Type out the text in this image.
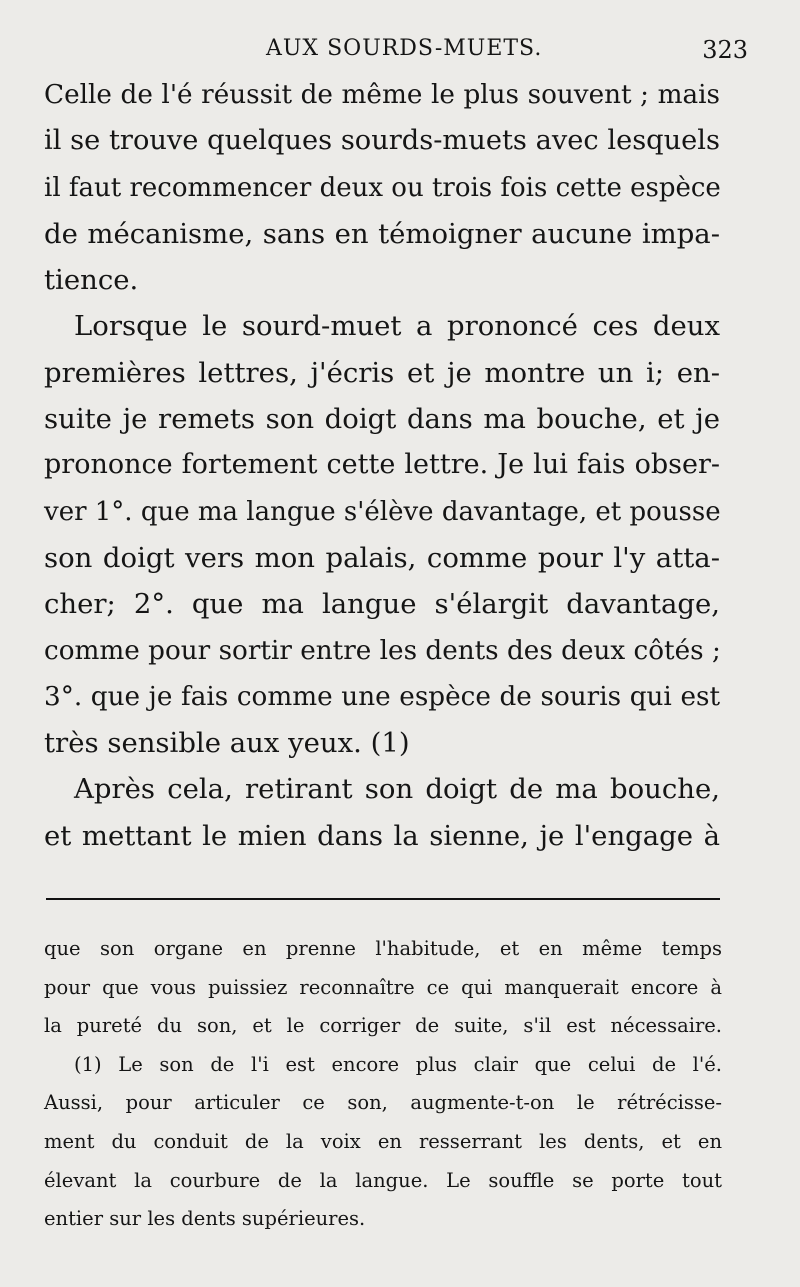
AUX SOURDS-MUETS.	323
Celle de l'é réussit de même le plus souvent ; mais
il se trouve quelques sourds-muets avec lesquels
il faut recommencer deux ou trois fois cette espèce
de mécanisme, sans en témoigner aucune impa-
tience.
Lorsque le sourd-muet a prononcé ces deux
premières lettres, j'écris et je montre un i; en-
suite je remets son doigt dans ma bouche, et je
prononce fortement cette lettre. Je lui fais obser-
ver 1°. que ma langue s'élève davantage, et pousse
son doigt vers mon palais, comme pour l'y atta-
cher; 2°. que ma langue s'élargit davantage,
comme pour sortir entre les dents des deux côtés ;
3°. que je fais comme une espèce de souris qui est
très sensible aux yeux. (1)
Après cela, retirant son doigt de ma bouche,
et mettant le mien dans la sienne, je l'engage à
que son organe en prenne l'habitude, et en même temps
pour que vous puissiez reconnaître ce qui manquerait encore à
la pureté du son, et le corriger de suite, s'il est nécessaire.
(1) Le son de l'i est encore plus clair que celui de l'é.
Aussi, pour articuler ce son, augmente-t-on le rétrécisse-
ment du conduit de la voix en resserrant les dents, et en
élevant la courbure de la langue. Le souffle se porte tout
entier sur les dents supérieures.
